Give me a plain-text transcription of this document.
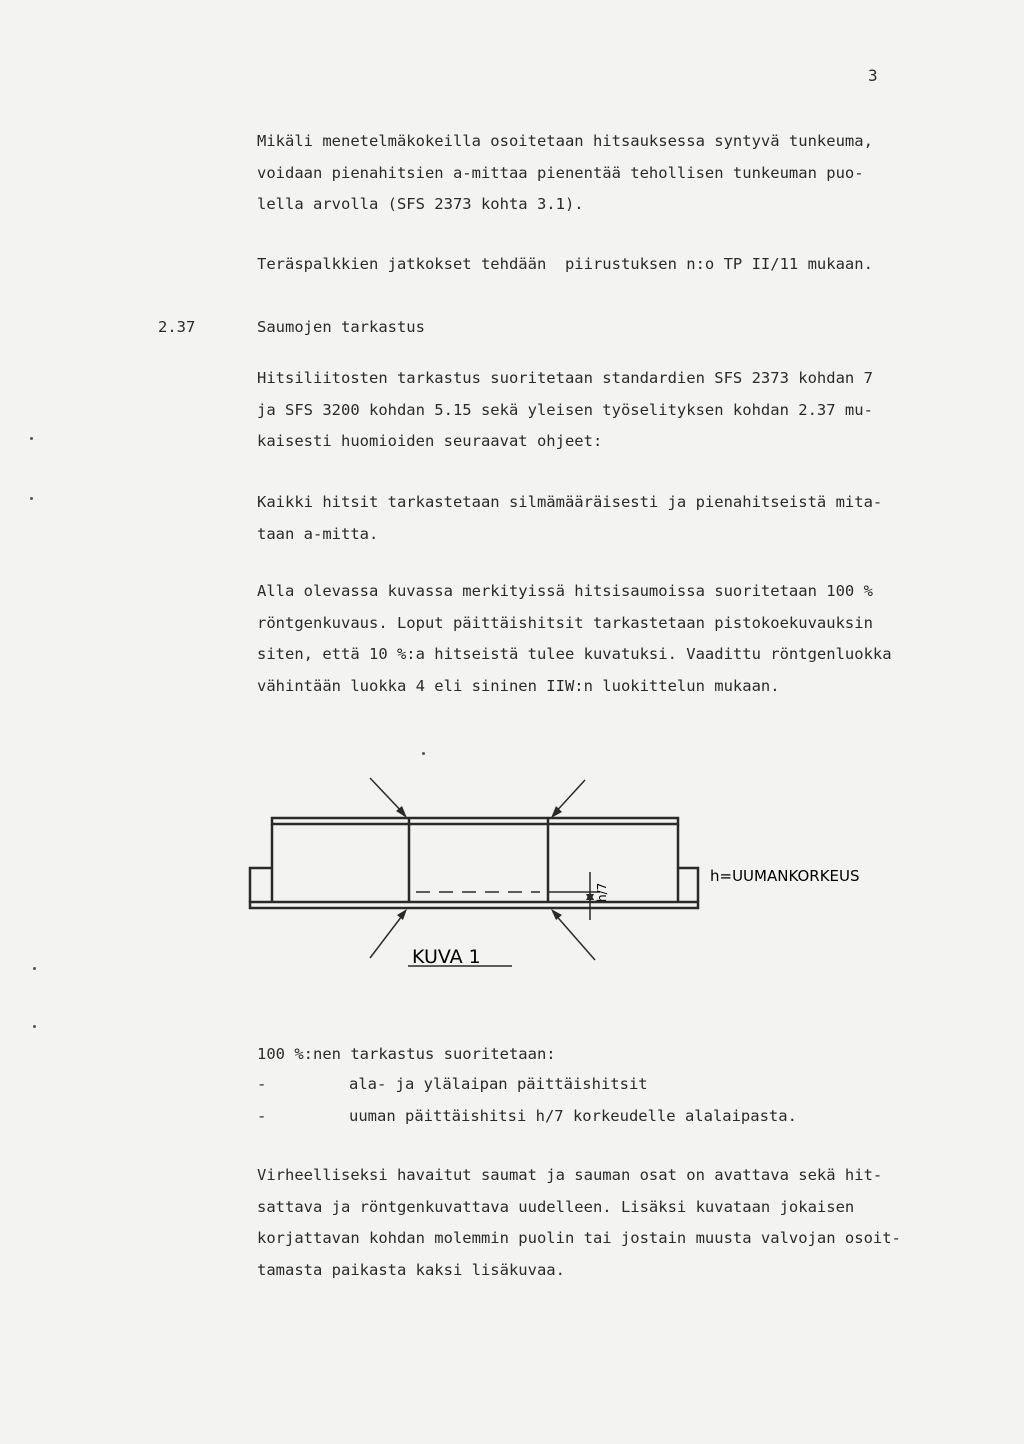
3
Mikäli menetelmäkokeilla osoitetaan hitsauksessa syntyvä tunkeuma,
voidaan pienahitsien a-mittaa pienentää tehollisen tunkeuman puo-
lella arvolla (SFS 2373 kohta 3.1).
Teräspalkkien jatkokset tehdään  piirustuksen n:o TP II/11 mukaan.
2.37	Saumojen tarkastus
Hitsiliitosten tarkastus suoritetaan standardien SFS 2373 kohdan 7
ja SFS 3200 kohdan 5.15 sekä yleisen työselityksen kohdan 2.37 mu-
kaisesti huomioiden seuraavat ohjeet:
Kaikki hitsit tarkastetaan silmämääräisesti ja pienahitseistä mita-
taan a-mitta.
Alla olevassa kuvassa merkityissä hitsisaumoissa suoritetaan 100 %
röntgenkuvaus. Loput päittäishitsit tarkastetaan pistokoekuvauksin
siten, että 10 %:a hitseistä tulee kuvatuksi. Vaadittu röntgenluokka
vähintään luokka 4 eli sininen IIW:n luokittelun mukaan.
h/7
h=UUMANKORKEUS
KUVA 1
100 %:nen tarkastus suoritetaan:
-	ala- ja ylälaipan päittäishitsit
-	uuman päittäishitsi h/7 korkeudelle alalaipasta.
Virheelliseksi havaitut saumat ja sauman osat on avattava sekä hit-
sattava ja röntgenkuvattava uudelleen. Lisäksi kuvataan jokaisen
korjattavan kohdan molemmin puolin tai jostain muusta valvojan osoit-
tamasta paikasta kaksi lisäkuvaa.
